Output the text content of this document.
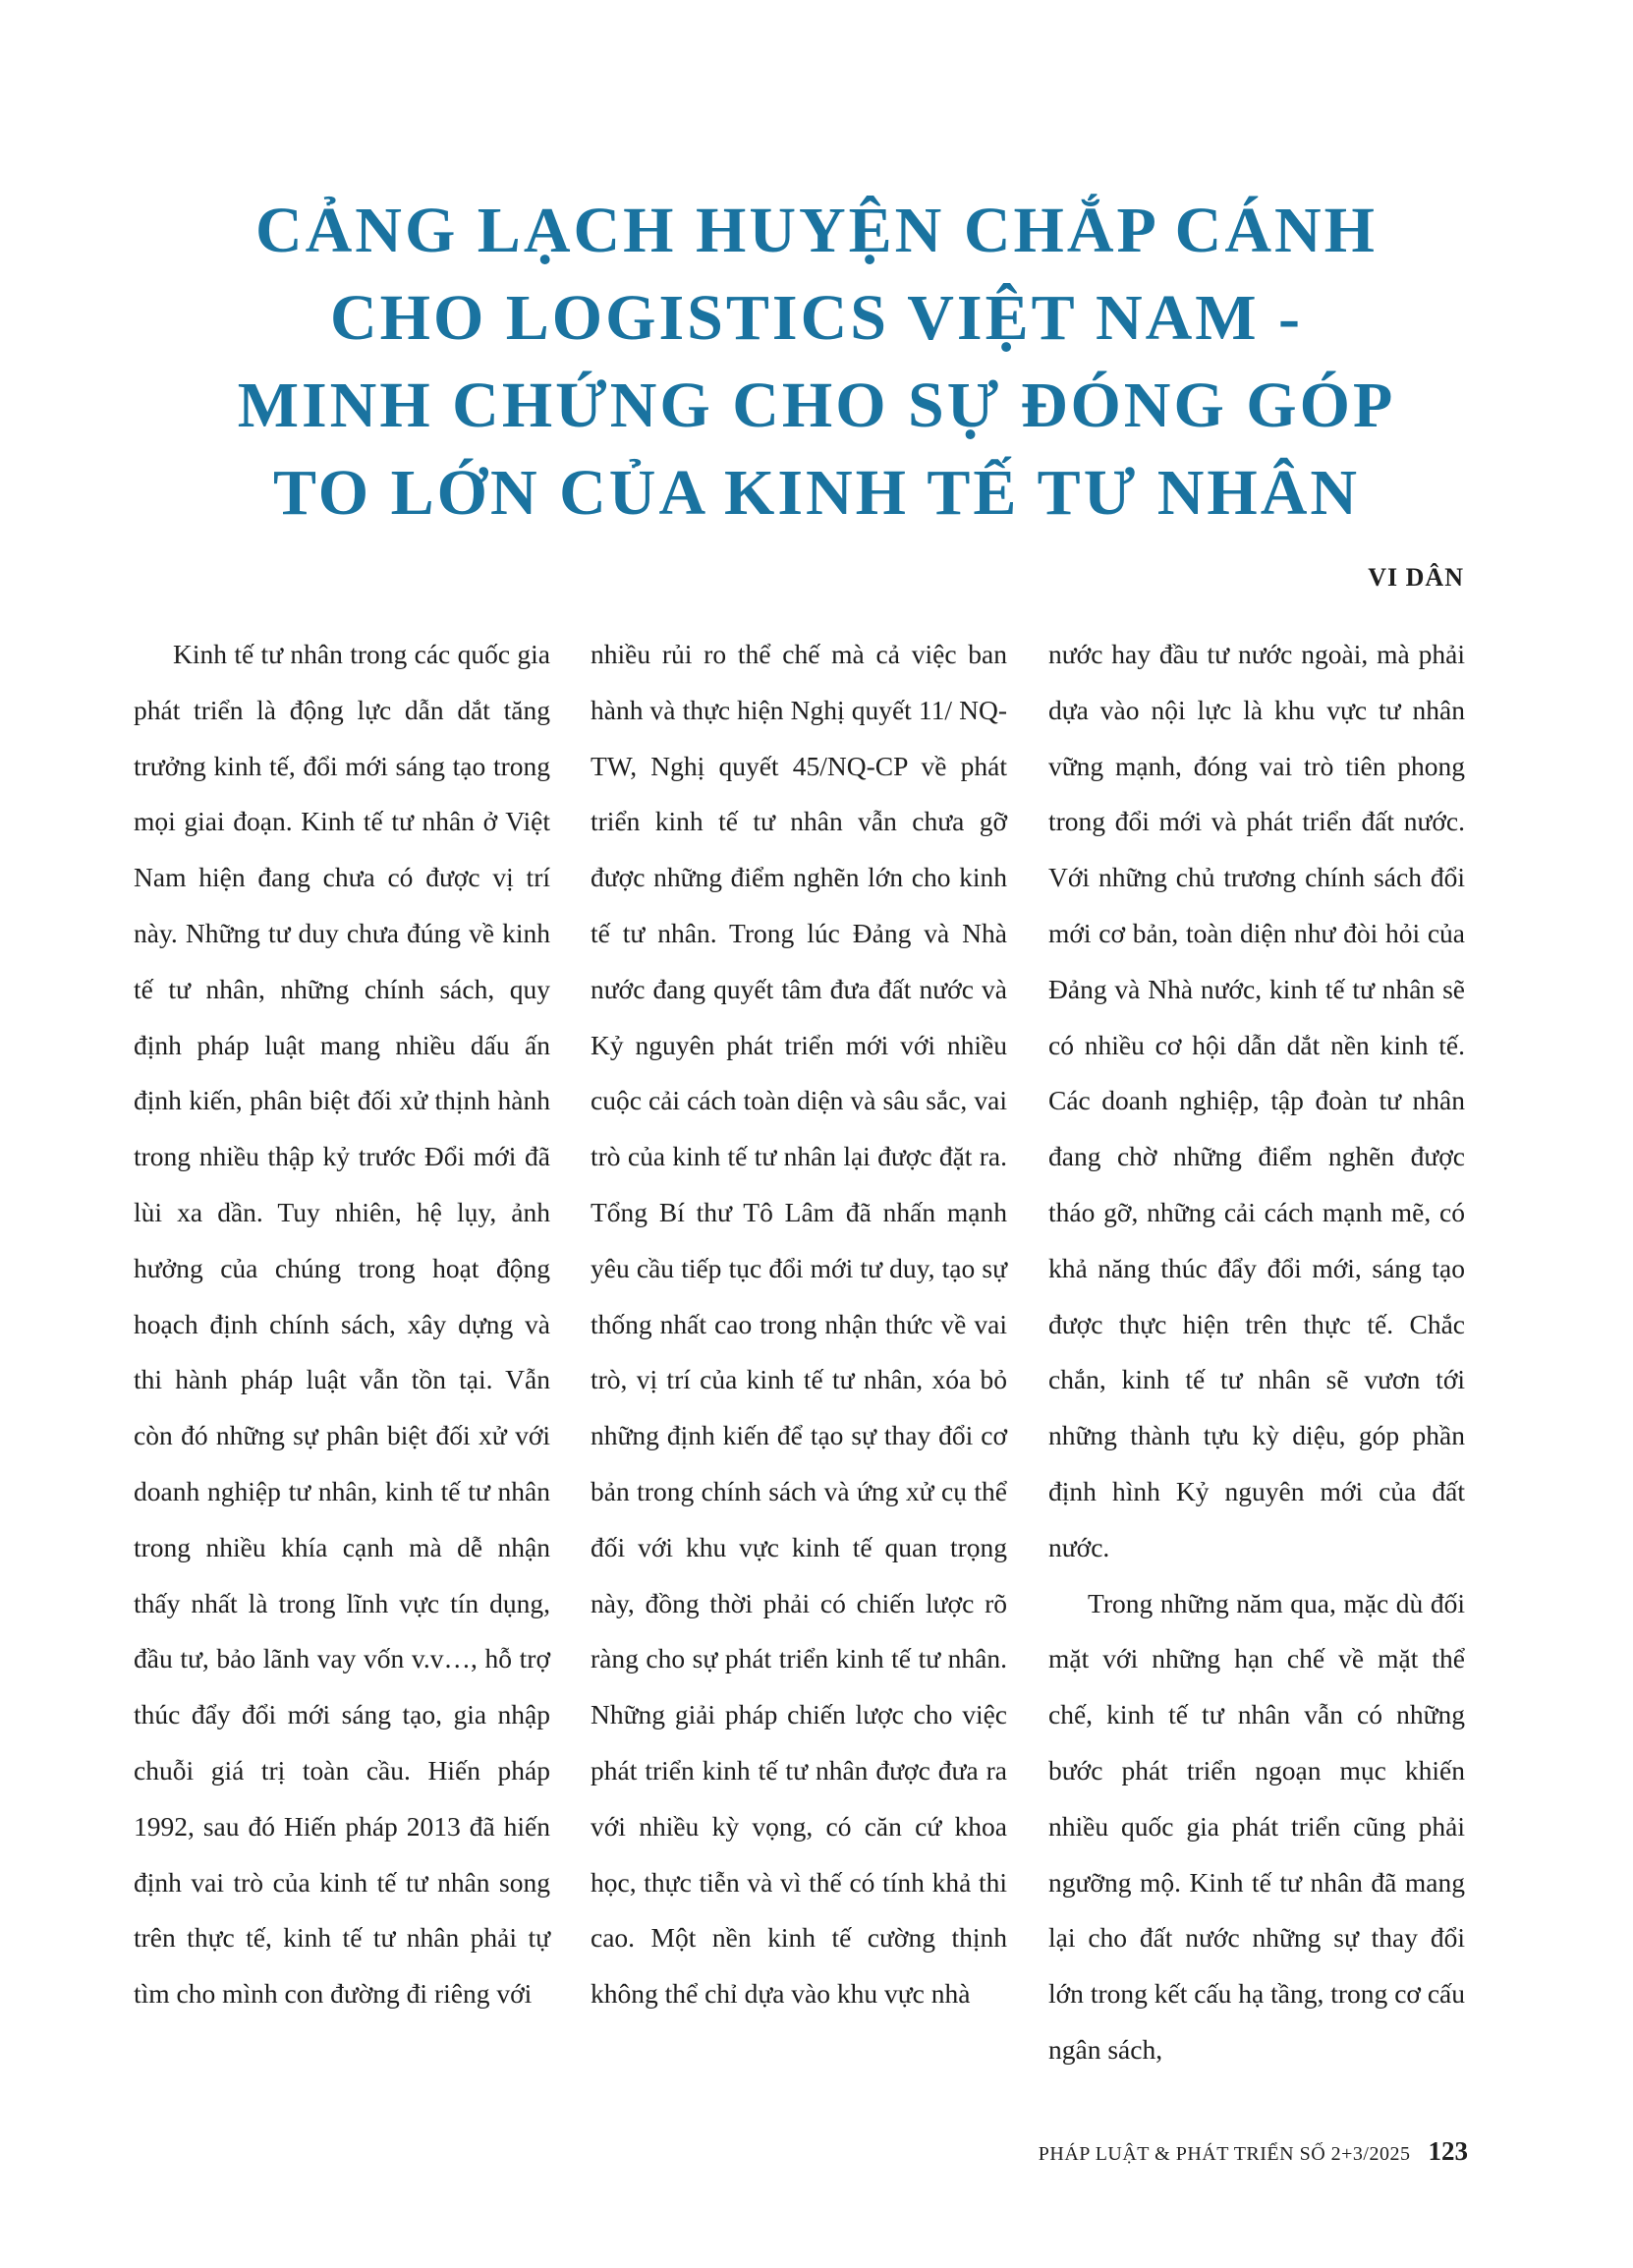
CẢNG LẠCH HUYỆN CHẮP CÁNH
CHO LOGISTICS VIỆT NAM -
MINH CHỨNG CHO SỰ ĐÓNG GÓP
TO LỚN CỦA KINH TẾ TƯ NHÂN
VI DÂN

Kinh tế tư nhân trong các quốc gia phát triển là động lực dẫn dắt tăng trưởng kinh tế, đổi mới sáng tạo trong mọi giai đoạn. Kinh tế tư nhân ở Việt Nam hiện đang chưa có được vị trí này. Những tư duy chưa đúng về kinh tế tư nhân, những chính sách, quy định pháp luật mang nhiều dấu ấn định kiến, phân biệt đối xử thịnh hành trong nhiều thập kỷ trước Đổi mới đã lùi xa dần. Tuy nhiên, hệ lụy, ảnh hưởng của chúng trong hoạt động hoạch định chính sách, xây dựng và thi hành pháp luật vẫn tồn tại. Vẫn còn đó những sự phân biệt đối xử với doanh nghiệp tư nhân, kinh tế tư nhân trong nhiều khía cạnh mà dễ nhận thấy nhất là trong lĩnh vực tín dụng, đầu tư, bảo lãnh vay vốn v.v…, hỗ trợ thúc đẩy đổi mới sáng tạo, gia nhập chuỗi giá trị toàn cầu. Hiến pháp 1992, sau đó Hiến pháp 2013 đã hiến định vai trò của kinh tế tư nhân song trên thực tế, kinh tế tư nhân phải tự tìm cho mình con đường đi riêng với

nhiều rủi ro thể chế mà cả việc ban hành và thực hiện Nghị quyết 11/ NQ-TW, Nghị quyết 45/NQ-CP về phát triển kinh tế tư nhân vẫn chưa gỡ được những điểm nghẽn lớn cho kinh tế tư nhân. Trong lúc Đảng và Nhà nước đang quyết tâm đưa đất nước và Kỷ nguyên phát triển mới với nhiều cuộc cải cách toàn diện và sâu sắc, vai trò của kinh tế tư nhân lại được đặt ra. Tổng Bí thư Tô Lâm đã nhấn mạnh yêu cầu tiếp tục đổi mới tư duy, tạo sự thống nhất cao trong nhận thức về vai trò, vị trí của kinh tế tư nhân, xóa bỏ những định kiến để tạo sự thay đổi cơ bản trong chính sách và ứng xử cụ thể đối với khu vực kinh tế quan trọng này, đồng thời phải có chiến lược rõ ràng cho sự phát triển kinh tế tư nhân. Những giải pháp chiến lược cho việc phát triển kinh tế tư nhân được đưa ra với nhiều kỳ vọng, có căn cứ khoa học, thực tiễn và vì thế có tính khả thi cao. Một nền kinh tế cường thịnh không thể chỉ dựa vào khu vực nhà

nước hay đầu tư nước ngoài, mà phải dựa vào nội lực là khu vực tư nhân vững mạnh, đóng vai trò tiên phong trong đổi mới và phát triển đất nước. Với những chủ trương chính sách đổi mới cơ bản, toàn diện như đòi hỏi của Đảng và Nhà nước, kinh tế tư nhân sẽ có nhiều cơ hội dẫn dắt nền kinh tế. Các doanh nghiệp, tập đoàn tư nhân đang chờ những điểm nghẽn được tháo gỡ, những cải cách mạnh mẽ, có khả năng thúc đẩy đổi mới, sáng tạo được thực hiện trên thực tế. Chắc chắn, kinh tế tư nhân sẽ vươn tới những thành tựu kỳ diệu, góp phần định hình Kỷ nguyên mới của đất nước.

Trong những năm qua, mặc dù đối mặt với những hạn chế về mặt thể chế, kinh tế tư nhân vẫn có những bước phát triển ngoạn mục khiến nhiều quốc gia phát triển cũng phải ngưỡng mộ. Kinh tế tư nhân đã mang lại cho đất nước những sự thay đổi lớn trong kết cấu hạ tầng, trong cơ cấu ngân sách,

PHÁP LUẬT & PHÁT TRIỂN SỐ 2+3/2025 123
